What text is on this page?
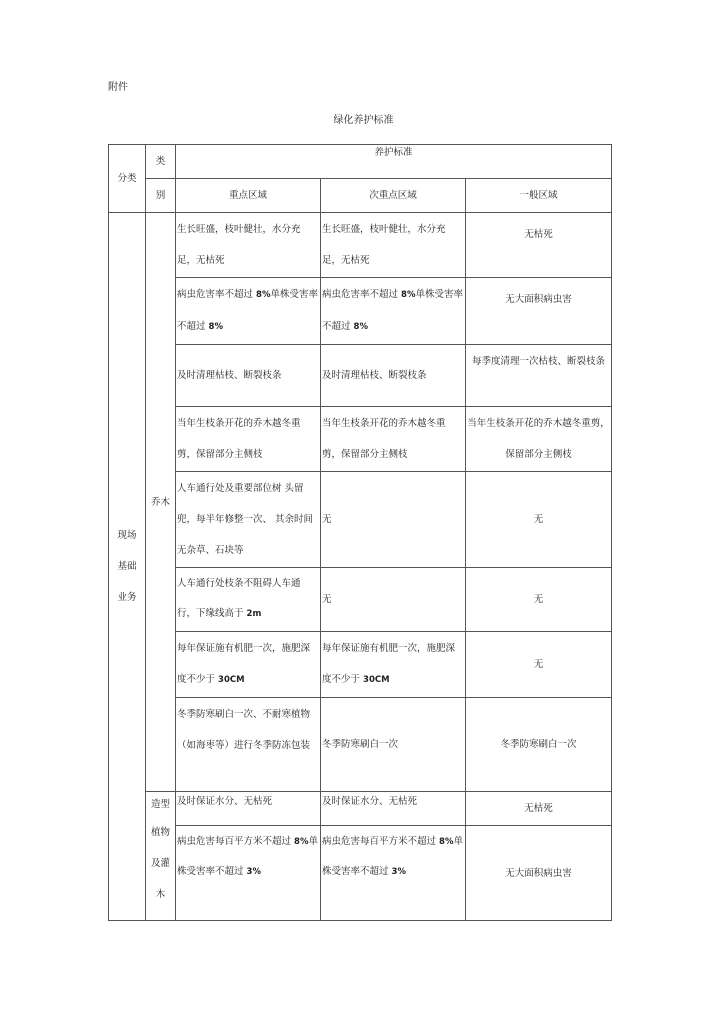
附件
绿化养护标准
分类	类	养护标准		
	别	重点区域	次重点区域	一般区域

现场
基础
业务	乔木	生长旺盛，枝叶健壮，水分充足，无枯死	生长旺盛，枝叶健壮，水分充足，无枯死	无枯死
		病虫危害率不超过 8%单株受害率不超过 8%	病虫危害率不超过 8%单株受害率不超过 8%	无大面积病虫害
		及时清理枯枝、断裂枝条	及时清理枯枝、断裂枝条	每季度清理一次枯枝、断裂枝条
		当年生枝条开花的乔木越冬重剪，保留部分主侧枝	当年生枝条开花的乔木越冬重剪，保留部分主侧枝	当年生枝条开花的乔木越冬重剪，保留部分主侧枝
		人车通行处及重要部位树 头留兜，每半年修整一次、 其余时间无杂草、石块等	无	无
		人车通行处枝条不阻碍人车通行，下缘线高于 2m	无	无
		每年保证施有机肥一次，施肥深度不少于 30CM	每年保证施有机肥一次，施肥深度不少于 30CM	无
		冬季防寒刷白一次、不耐寒植物（如海枣等）进行冬季防冻包装	冬季防寒刷白一次	冬季防寒刷白一次

	造型
植物
及灌
木	及时保证水分、无枯死	及时保证水分、无枯死	无枯死
		病虫危害每百平方米不超过 8%单株受害率不超过 3%	病虫危害每百平方米不超过 8%单株受害率不超过 3%	无大面积病虫害
